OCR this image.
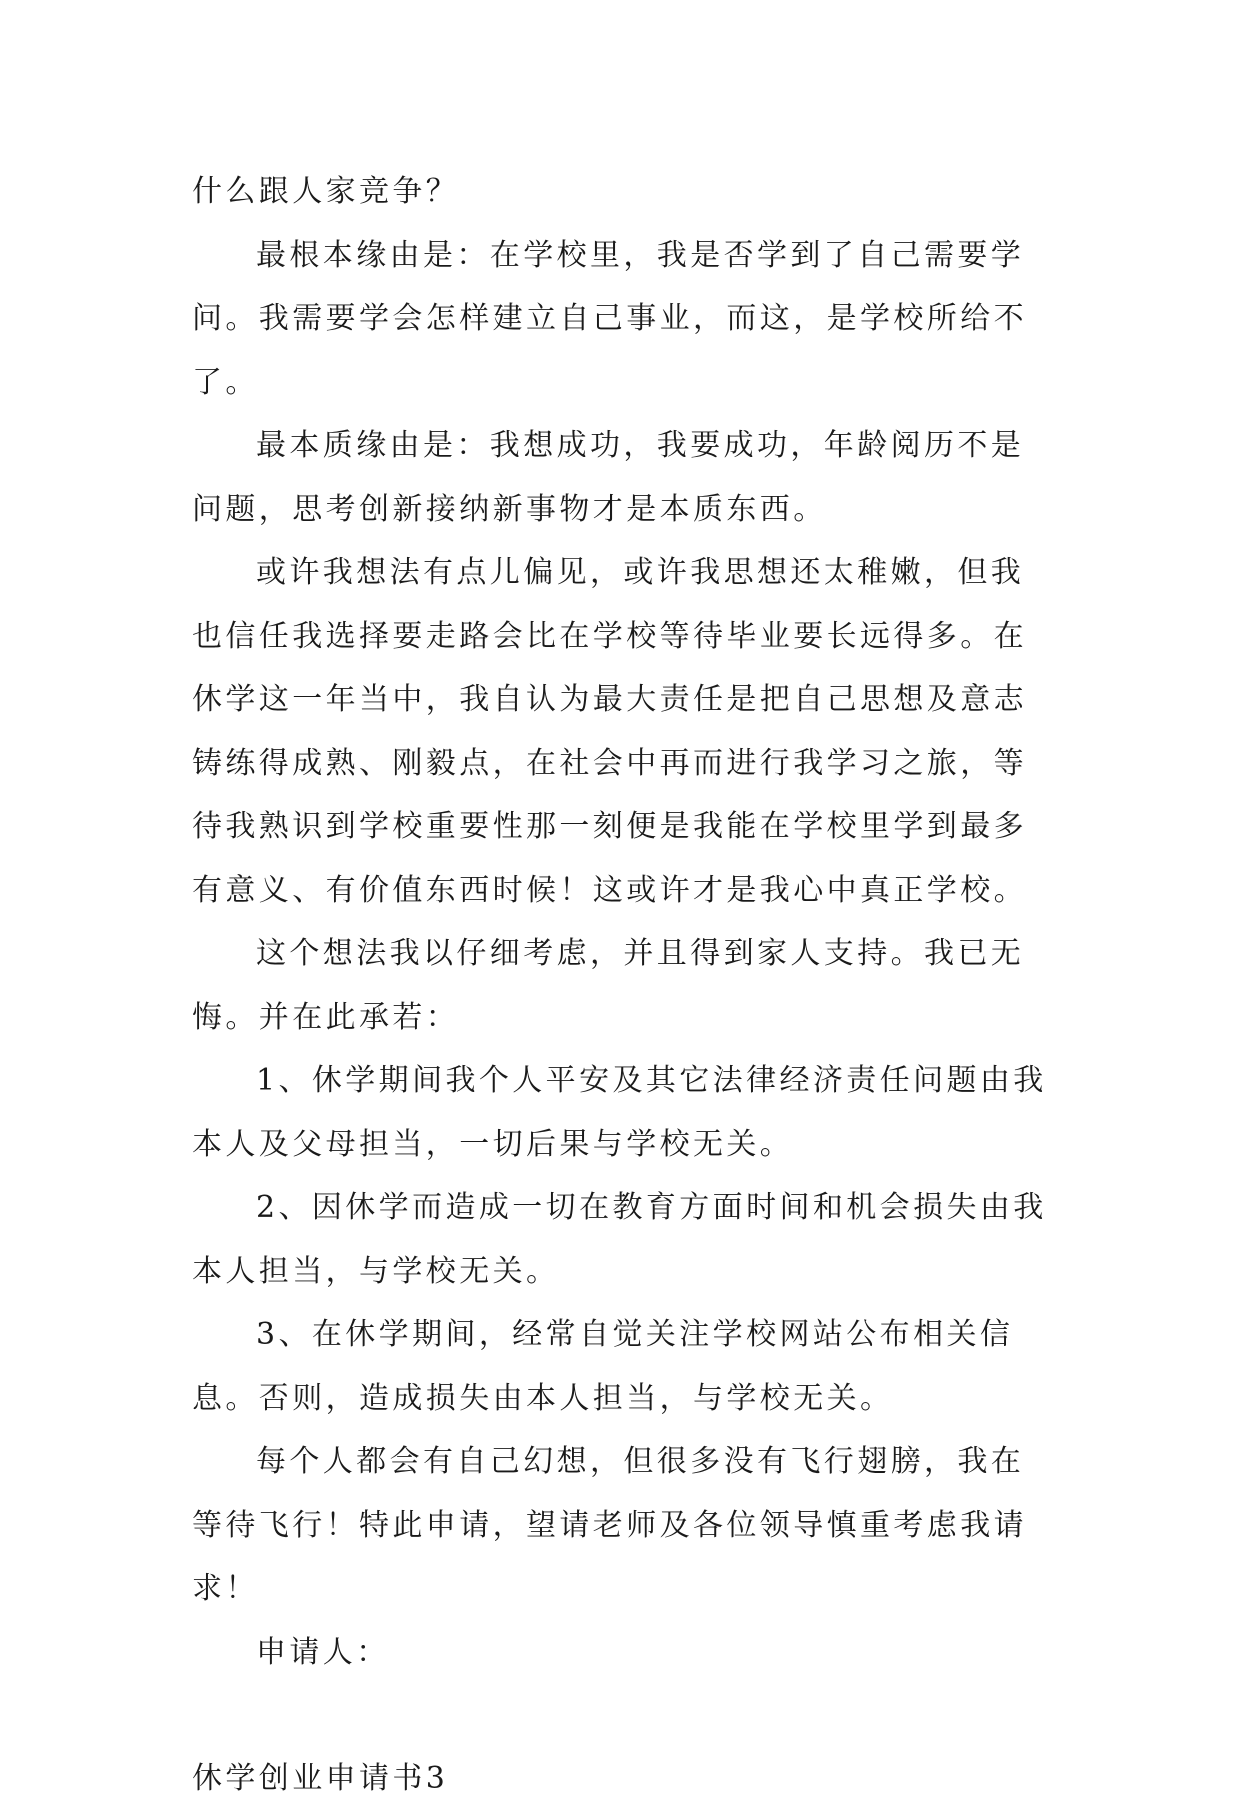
什么跟人家竞争？

最根本缘由是：在学校里，我是否学到了自己需要学问。我需要学会怎样建立自己事业，而这，是学校所给不了。

最本质缘由是：我想成功，我要成功，年龄阅历不是问题，思考创新接纳新事物才是本质东西。

或许我想法有点儿偏见，或许我思想还太稚嫩，但我也信任我选择要走路会比在学校等待毕业要长远得多。在休学这一年当中，我自认为最大责任是把自己思想及意志铸练得成熟、刚毅点，在社会中再而进行我学习之旅，等待我熟识到学校重要性那一刻便是我能在学校里学到最多有意义、有价值东西时候！这或许才是我心中真正学校。

这个想法我以仔细考虑，并且得到家人支持。我已无悔。并在此承若：

1、休学期间我个人平安及其它法律经济责任问题由我本人及父母担当，一切后果与学校无关。

2、因休学而造成一切在教育方面时间和机会损失由我本人担当，与学校无关。

3、在休学期间，经常自觉关注学校网站公布相关信息。否则，造成损失由本人担当，与学校无关。

每个人都会有自己幻想，但很多没有飞行翅膀，我在等待飞行！特此申请，望请老师及各位领导慎重考虑我请求！

申请人：

休学创业申请书3
